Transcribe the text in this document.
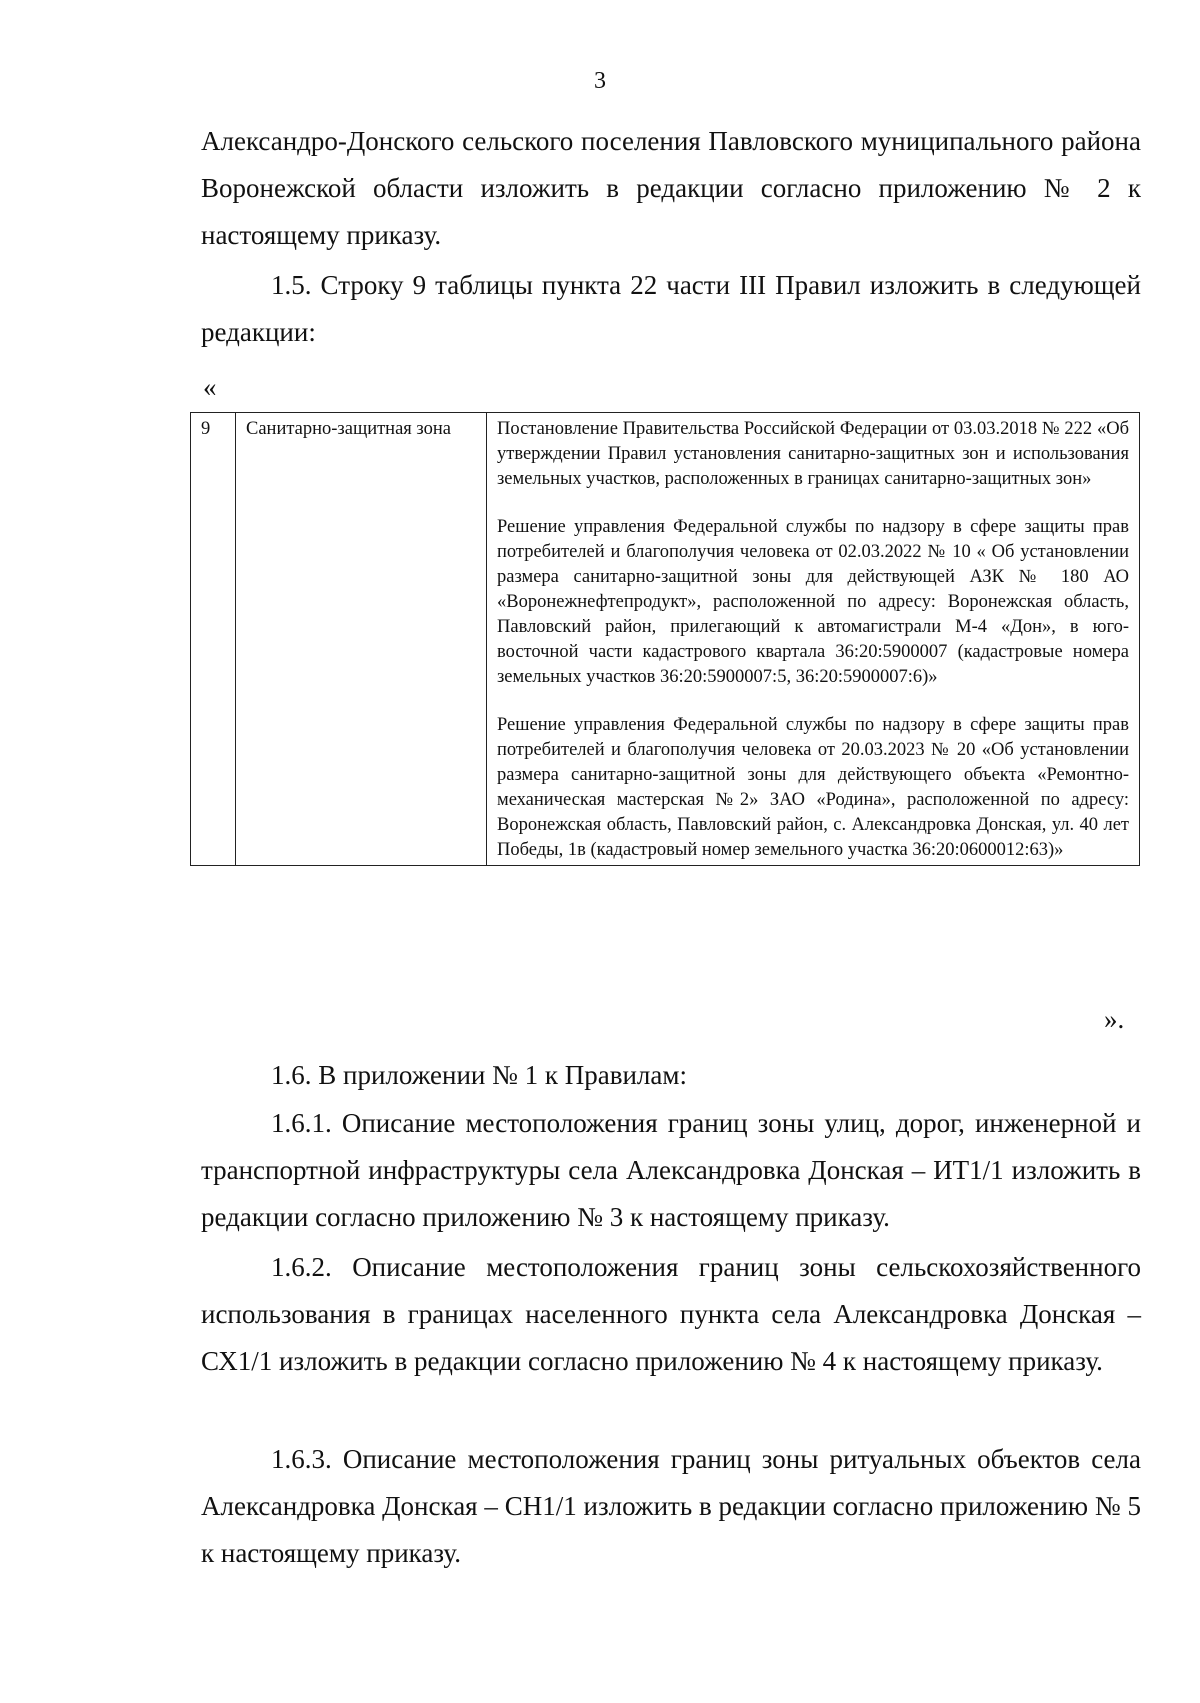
3

Александро-Донского сельского поселения Павловского муниципального района Воронежской области изложить в редакции согласно приложению № 2 к настоящему приказу.

1.5. Строку 9 таблицы пункта 22 части III Правил изложить в следующей редакции:

«
9	Санитарно-защитная зона	Постановление Правительства Российской Федерации от 03.03.2018 № 222 «Об утверждении Правил установления санитарно-защитных зон и использования земельных участков, расположенных в границах санитарно-защитных зон»

Решение управления Федеральной службы по надзору в сфере защиты прав потребителей и благополучия человека от 02.03.2022 № 10 « Об установлении размера санитарно-защитной зоны для действующей АЗК № 180 АО «Воронежнефтепродукт», расположенной по адресу: Воронежская область, Павловский район, прилегающий к автомагистрали М-4 «Дон», в юго-восточной части кадастрового квартала 36:20:5900007 (кадастровые номера земельных участков 36:20:5900007:5, 36:20:5900007:6)»

Решение управления Федеральной службы по надзору в сфере защиты прав потребителей и благополучия человека от 20.03.2023 № 20 «Об установлении размера санитарно-защитной зоны для действующего объекта «Ремонтно-механическая мастерская №2» ЗАО «Родина», расположенной по адресу: Воронежская область, Павловский район, с. Александровка Донская, ул. 40 лет Победы, 1в (кадастровый номер земельного участка 36:20:0600012:63)»

».

1.6. В приложении № 1 к Правилам:

1.6.1. Описание местоположения границ зоны улиц, дорог, инженерной и транспортной инфраструктуры села Александровка Донская – ИТ1/1 изложить в редакции согласно приложению № 3 к настоящему приказу.

1.6.2. Описание местоположения границ зоны сельскохозяйственного использования в границах населенного пункта села Александровка Донская – СХ1/1 изложить в редакции согласно приложению № 4 к настоящему приказу.

1.6.3. Описание местоположения границ зоны ритуальных объектов села Александровка Донская – СН1/1 изложить в редакции согласно приложению № 5 к настоящему приказу.
